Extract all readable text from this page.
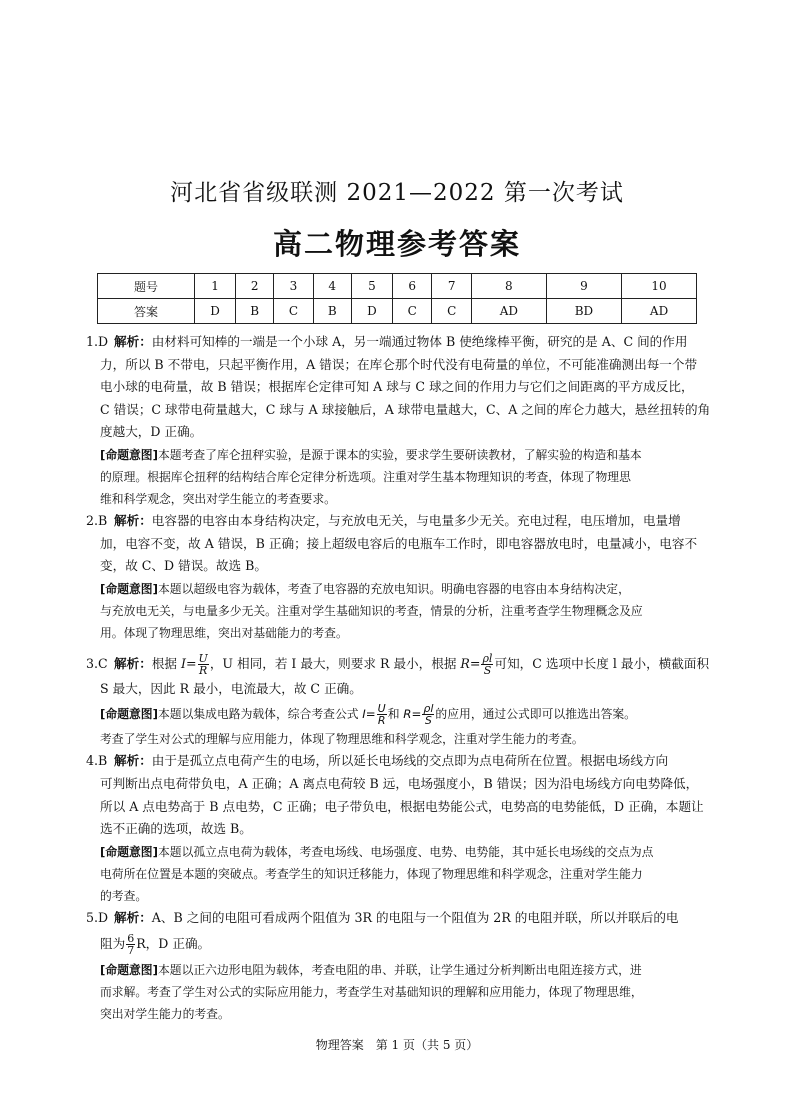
河北省省级联测 2021—2022 第一次考试
高二物理参考答案
题号	1	2	3	4	5	6	7	8	9	10
答案	D	B	C	B	D	C	C	AD	BD	AD

1.D 解析：由材料可知棒的一端是一个小球 A，另一端通过物体 B 使绝缘棒平衡，研究的是 A、C 间的作用

力，所以 B 不带电，只起平衡作用，A 错误；在库仑那个时代没有电荷量的单位，不可能准确测出每一个带

电小球的电荷量，故 B 错误；根据库仑定律可知 A 球与 C 球之间的作用力与它们之间距离的平方成反比，

C 错误；C 球带电荷量越大，C 球与 A 球接触后，A 球带电量越大，C、A 之间的库仑力越大，悬丝扭转的角

度越大，D 正确。

[命题意图]本题考查了库仑扭秤实验，是源于课本的实验，要求学生要研读教材，了解实验的构造和基本

的原理。根据库仑扭秤的结构结合库仑定律分析选项。注重对学生基本物理知识的考查，体现了物理思

维和科学观念，突出对学生能立的考查要求。

2.B 解析：电容器的电容由本身结构决定，与充放电无关，与电量多少无关。充电过程，电压增加，电量增

加，电容不变，故 A 错误，B 正确；接上超级电容后的电瓶车工作时，即电容器放电时，电量减小，电容不

变，故 C、D 错误。故选 B。

[命题意图]本题以超级电容为载体，考查了电容器的充放电知识。明确电容器的电容由本身结构决定，

与充放电无关，与电量多少无关。注重对学生基础知识的考查，情景的分析，注重考查学生物理概念及应

用。体现了物理思维，突出对基础能力的考查。

3.C 解析：根据 $I= \frac{U}{R}$ ，U 相同，若 I 最大，则要求 R 最小，根据 $R= \frac{\rho l}{S}$ 可知，C 选项中长度 l 最小，横截面积

S 最大，因此 R 最小，电流最大，故 C 正确。

[命题意图]本题以集成电路为载体，综合考查公式 $I= \frac{U}{R}$ 和 $R= \frac{\rho l}{S}$ 的应用，通过公式即可以推选出答案。

考查了学生对公式的理解与应用能力，体现了物理思维和科学观念，注重对学生能力的考查。

4.B 解析：由于是孤立点电荷产生的电场，所以延长电场线的交点即为点电荷所在位置。根据电场线方向

可判断出点电荷带负电，A 正确；A 离点电荷较 B 远，电场强度小，B 错误；因为沿电场线方向电势降低，

所以 A 点电势高于 B 点电势，C 正确；电子带负电，根据电势能公式，电势高的电势能低，D 正确，本题让

选不正确的选项，故选 B。

[命题意图]本题以孤立点电荷为载体，考查电场线、电场强度、电势、电势能，其中延长电场线的交点为点

电荷所在位置是本题的突破点。考查学生的知识迁移能力，体现了物理思维和科学观念，注重对学生能力

的考查。

5.D 解析：A、B 之间的电阻可看成两个阻值为 3R 的电阻与一个阻值为 2R 的电阻并联，所以并联后的电

阻为 $\frac{6}{7}$ R，D 正确。

[命题意图]本题以正六边形电阻为载体，考查电阻的串、并联，让学生通过分析判断出电阻连接方式，进

而求解。考查了学生对公式的实际应用能力，考查学生对基础知识的理解和应用能力，体现了物理思维，

突出对学生能力的考查。

物理答案　第 1 页（共 5 页）
